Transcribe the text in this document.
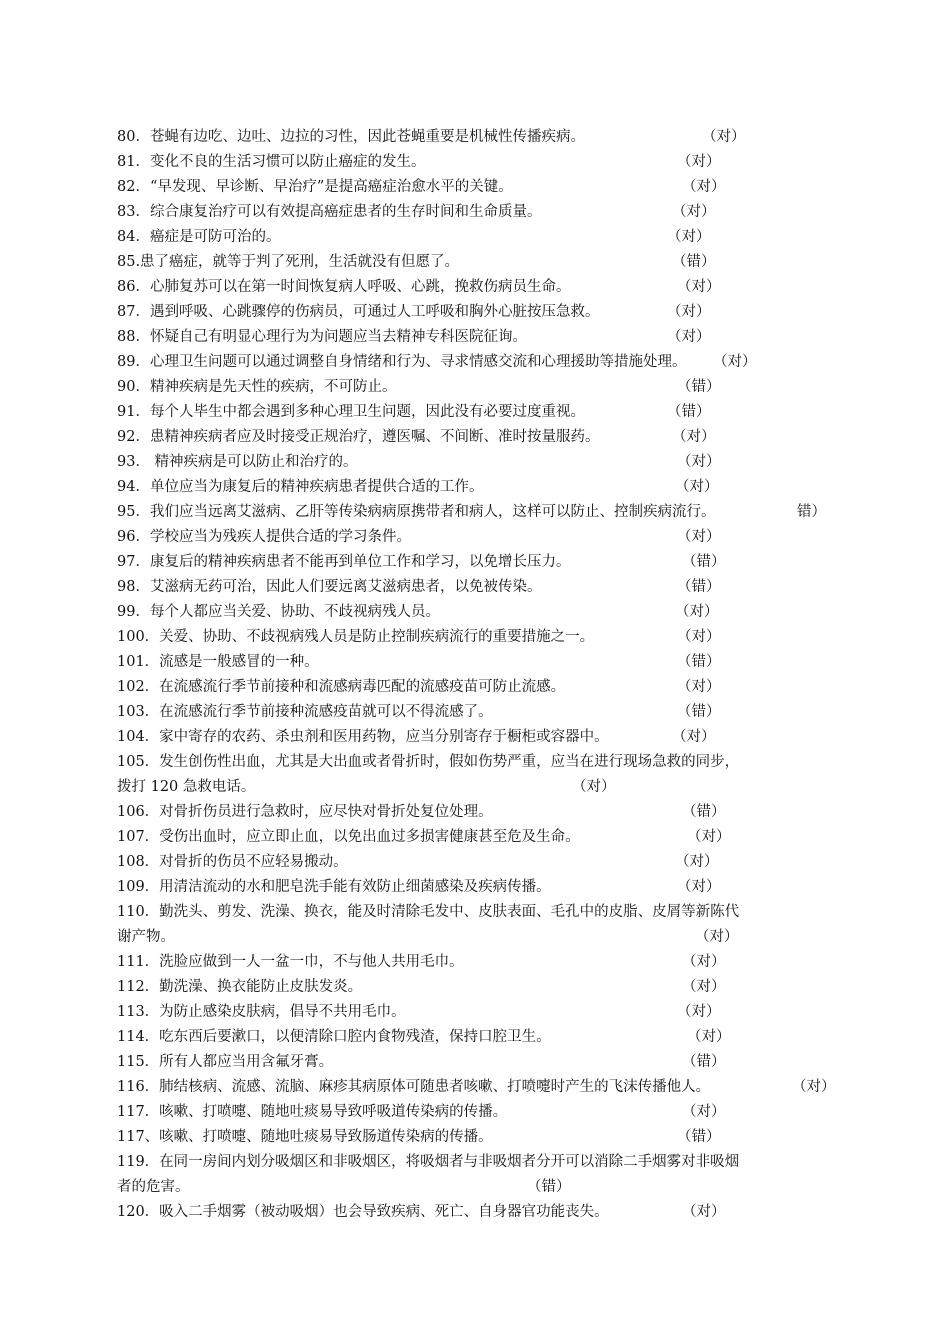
80．苍蝇有边吃、边吐、边拉的习性，因此苍蝇重要是机械性传播疾病。	（对）
81．变化不良的生活习惯可以防止癌症的发生。	（对）
82．“早发现、早诊断、早治疗”是提高癌症治愈水平的关键。	（对）
83．综合康复治疗可以有效提高癌症患者的生存时间和生命质量。	（对）
84．癌症是可防可治的。	（对）
85.患了癌症，就等于判了死刑，生活就没有但愿了。	（错）
86．心肺复苏可以在第一时间恢复病人呼吸、心跳，挽救伤病员生命。	（对）
87．遇到呼吸、心跳骤停的伤病员，可通过人工呼吸和胸外心脏按压急救。	（对）
88．怀疑自己有明显心理行为为问题应当去精神专科医院征询。	（对）
89．心理卫生问题可以通过调整自身情绪和行为、寻求情感交流和心理援助等措施处理。 （对）
90．精神疾病是先天性的疾病，不可防止。	（错）
91．每个人毕生中都会遇到多种心理卫生问题，因此没有必要过度重视。	（错）
92．患精神疾病者应及时接受正规治疗，遵医嘱、不间断、准时按量服药。	（对）
93． 精神疾病是可以防止和治疗的。	（对）
94．单位应当为康复后的精神疾病患者提供合适的工作。	（对）
95．我们应当远离艾滋病、乙肝等传染病病原携带者和病人，这样可以防止、控制疾病流行。	错）
96．学校应当为残疾人提供合适的学习条件。	（对）
97．康复后的精神疾病患者不能再到单位工作和学习，以免增长压力。	（错）
98．艾滋病无药可治，因此人们要远离艾滋病患者，以免被传染。	（错）
99．每个人都应当关爱、协助、不歧视病残人员。	（对）
100．关爱、协助、不歧视病残人员是防止控制疾病流行的重要措施之一。	（对）
101．流感是一般感冒的一种。	（错）
102．在流感流行季节前接种和流感病毒匹配的流感疫苗可防止流感。	（对）
103．在流感流行季节前接种流感疫苗就可以不得流感了。	（错）
104．家中寄存的农药、杀虫剂和医用药物，应当分别寄存于橱柜或容器中。	（对）
105．发生创伤性出血，尤其是大出血或者骨折时，假如伤势严重，应当在进行现场急救的同步，
拨打 120 急救电话。	（对）
106．对骨折伤员进行急救时，应尽快对骨折处复位处理。	（错）
107．受伤出血时，应立即止血，以免出血过多损害健康甚至危及生命。	（对）
108．对骨折的伤员不应轻易搬动。	（对）
109．用清洁流动的水和肥皂洗手能有效防止细菌感染及疾病传播。	（对）
110．勤洗头、剪发、洗澡、换衣，能及时清除毛发中、皮肤表面、毛孔中的皮脂、皮屑等新陈代
谢产物。	（对）
111．洗脸应做到一人一盆一巾，不与他人共用毛巾。	（对）
112．勤洗澡、换衣能防止皮肤发炎。	（对）
113．为防止感染皮肤病，倡导不共用毛巾。	（对）
114．吃东西后要漱口，以便清除口腔内食物残渣，保持口腔卫生。	（对）
115．所有人都应当用含氟牙膏。	（错）
116．肺结核病、流感、流脑、麻疹其病原体可随患者咳嗽、打喷嚏时产生的飞沫传播他人。	（对）
117．咳嗽、打喷嚏、随地吐痰易导致呼吸道传染病的传播。	（对）
117、咳嗽、打喷嚏、随地吐痰易导致肠道传染病的传播。	（错）
119．在同一房间内划分吸烟区和非吸烟区，将吸烟者与非吸烟者分开可以消除二手烟雾对非吸烟
者的危害。	（错）
120．吸入二手烟雾（被动吸烟）也会导致疾病、死亡、自身器官功能丧失。	（对）
